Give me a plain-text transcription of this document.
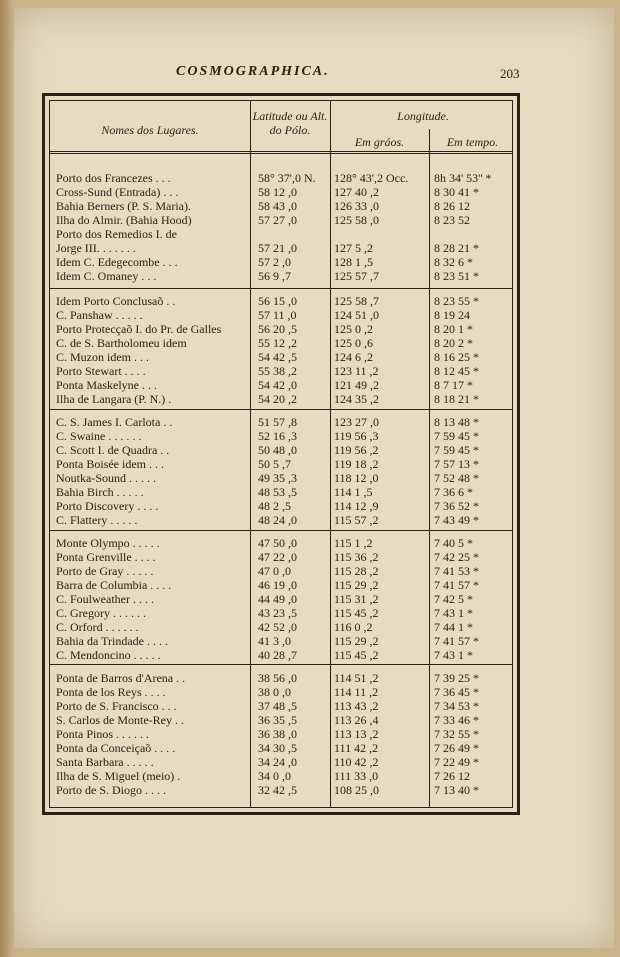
COSMOGRAPHICA.	203
Nomes dos Lugares.
Latitude ou Alt. do Pólo.
Longitude.
Em gráos.	Em tempo.
Porto dos Francezes . . .	58° 37',0 N.	128° 43',2 Occ.	8h 34' 53'' *
Cross-Sund (Entrada) . . .	58 12 ,0	127 40 ,2	8 30 41 *
Bahia Berners (P. S. Maria).	58 43 ,0	126 33 ,0	8 26 12
Ilha do Almir. (Bahia Hood)	57 27 ,0	125 58 ,0	8 23 52
Porto dos Remedios I. de
Jorge III. . . . . . .	57 21 ,0	127 5 ,2	8 28 21 *
Idem C. Edegecombe . . .	57 2 ,0	128 1 ,5	8 32 6 *
Idem C. Omaney . . .	56 9 ,7	125 57 ,7	8 23 51 *
Idem Porto Conclusaõ . .	56 15 ,0	125 58 ,7	8 23 55 *
C. Panshaw . . . . .	57 11 ,0	124 51 ,0	8 19 24
Porto Protecçaõ I. do Pr. de Galles	56 20 ,5	125 0 ,2	8 20 1 *
C. de S. Bartholomeu idem	55 12 ,2	125 0 ,6	8 20 2 *
C. Muzon idem . . .	54 42 ,5	124 6 ,2	8 16 25 *
Porto Stewart . . . .	55 38 ,2	123 11 ,2	8 12 45 *
Ponta Maskelyne . . .	54 42 ,0	121 49 ,2	8 7 17 *
Ilha de Langara (P. N.) .	54 20 ,2	124 35 ,2	8 18 21 *
C. S. James I. Carlota . .	51 57 ,8	123 27 ,0	8 13 48 *
C. Swaine . . . . . .	52 16 ,3	119 56 ,3	7 59 45 *
C. Scott I. de Quadra . .	50 48 ,0	119 56 ,2	7 59 45 *
Ponta Boisée idem . . .	50 5 ,7	119 18 ,2	7 57 13 *
Noutka-Sound . . . . .	49 35 ,3	118 12 ,0	7 52 48 *
Bahia Birch . . . . .	48 53 ,5	114 1 ,5	7 36 6 *
Porto Discovery . . . .	48 2 ,5	114 12 ,9	7 36 52 *
C. Flattery . . . . .	48 24 ,0	115 57 ,2	7 43 49 *
Monte Olympo . . . . .	47 50 ,0	115 1 ,2	7 40 5 *
Ponta Grenville . . . .	47 22 ,0	115 36 ,2	7 42 25 *
Porto de Gray . . . . .	47 0 ,0	115 28 ,2	7 41 53 *
Barra de Columbia . . . .	46 19 ,0	115 29 ,2	7 41 57 *
C. Foulweather . . . .	44 49 ,0	115 31 ,2	7 42 5 *
C. Gregory . . . . . .	43 23 ,5	115 45 ,2	7 43 1 *
C. Orford . . . . . .	42 52 ,0	116 0 ,2	7 44 1 *
Bahia da Trindade . . . .	41 3 ,0	115 29 ,2	7 41 57 *
C. Mendoncino . . . . .	40 28 ,7	115 45 ,2	7 43 1 *
Ponta de Barros d'Arena . .	38 56 ,0	114 51 ,2	7 39 25 *
Ponta de los Reys . . . .	38 0 ,0	114 11 ,2	7 36 45 *
Porto de S. Francisco . . .	37 48 ,5	113 43 ,2	7 34 53 *
S. Carlos de Monte-Rey . .	36 35 ,5	113 26 ,4	7 33 46 *
Ponta Pinos . . . . . .	36 38 ,0	113 13 ,2	7 32 55 *
Ponta da Conceiçaõ . . . .	34 30 ,5	111 42 ,2	7 26 49 *
Santa Barbara . . . . .	34 24 ,0	110 42 ,2	7 22 49 *
Ilha de S. Miguel (meio) .	34 0 ,0	111 33 ,0	7 26 12
Porto de S. Diogo . . . .	32 42 ,5	108 25 ,0	7 13 40 *
